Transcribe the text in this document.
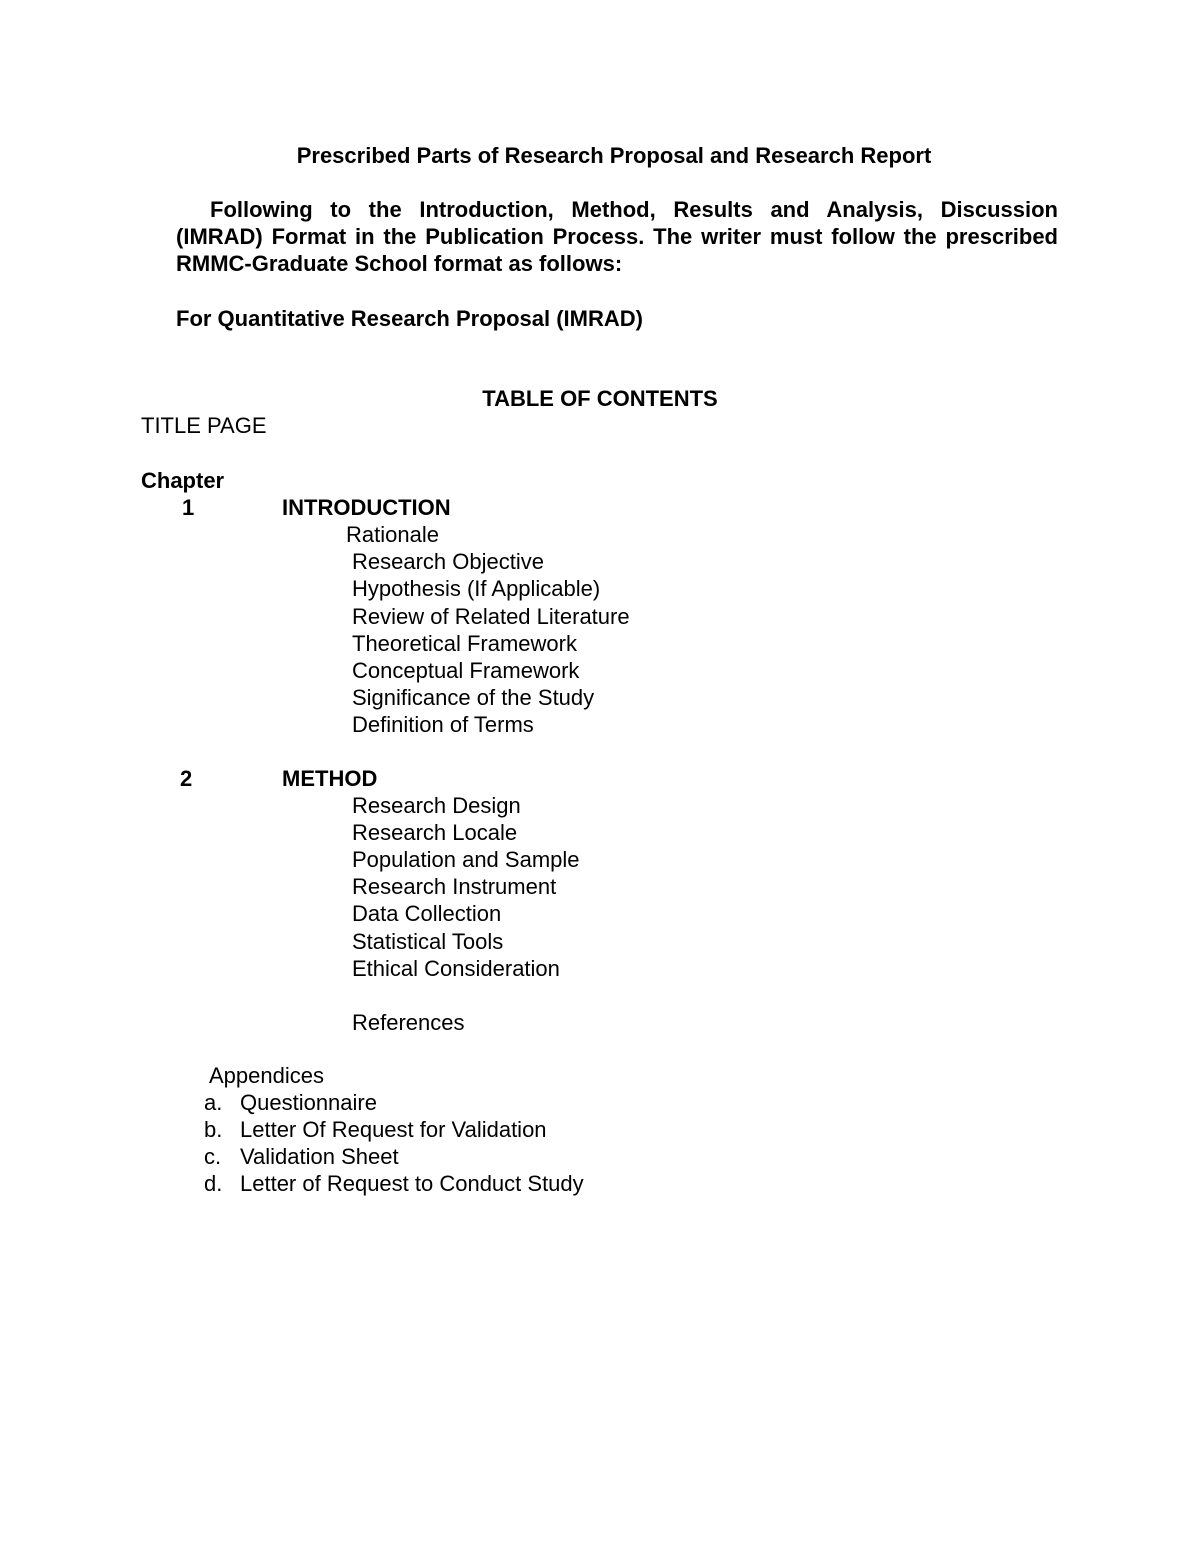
Prescribed Parts of Research Proposal and Research Report
Following to the Introduction, Method, Results and Analysis, Discussion (IMRAD) Format in the Publication Process. The writer must follow the prescribed RMMC-Graduate School format as follows:
For Quantitative Research Proposal (IMRAD)
TABLE OF CONTENTS
TITLE PAGE
Chapter
1	INTRODUCTION
Rationale
Research Objective
Hypothesis (If Applicable)
Review of Related Literature
Theoretical Framework
Conceptual Framework
Significance of the Study
Definition of Terms
2	METHOD
Research Design
Research Locale
Population and Sample
Research Instrument
Data Collection
Statistical Tools
Ethical Consideration
References
Appendices
a. Questionnaire
b. Letter Of Request for Validation
c. Validation Sheet
d. Letter of Request to Conduct Study
